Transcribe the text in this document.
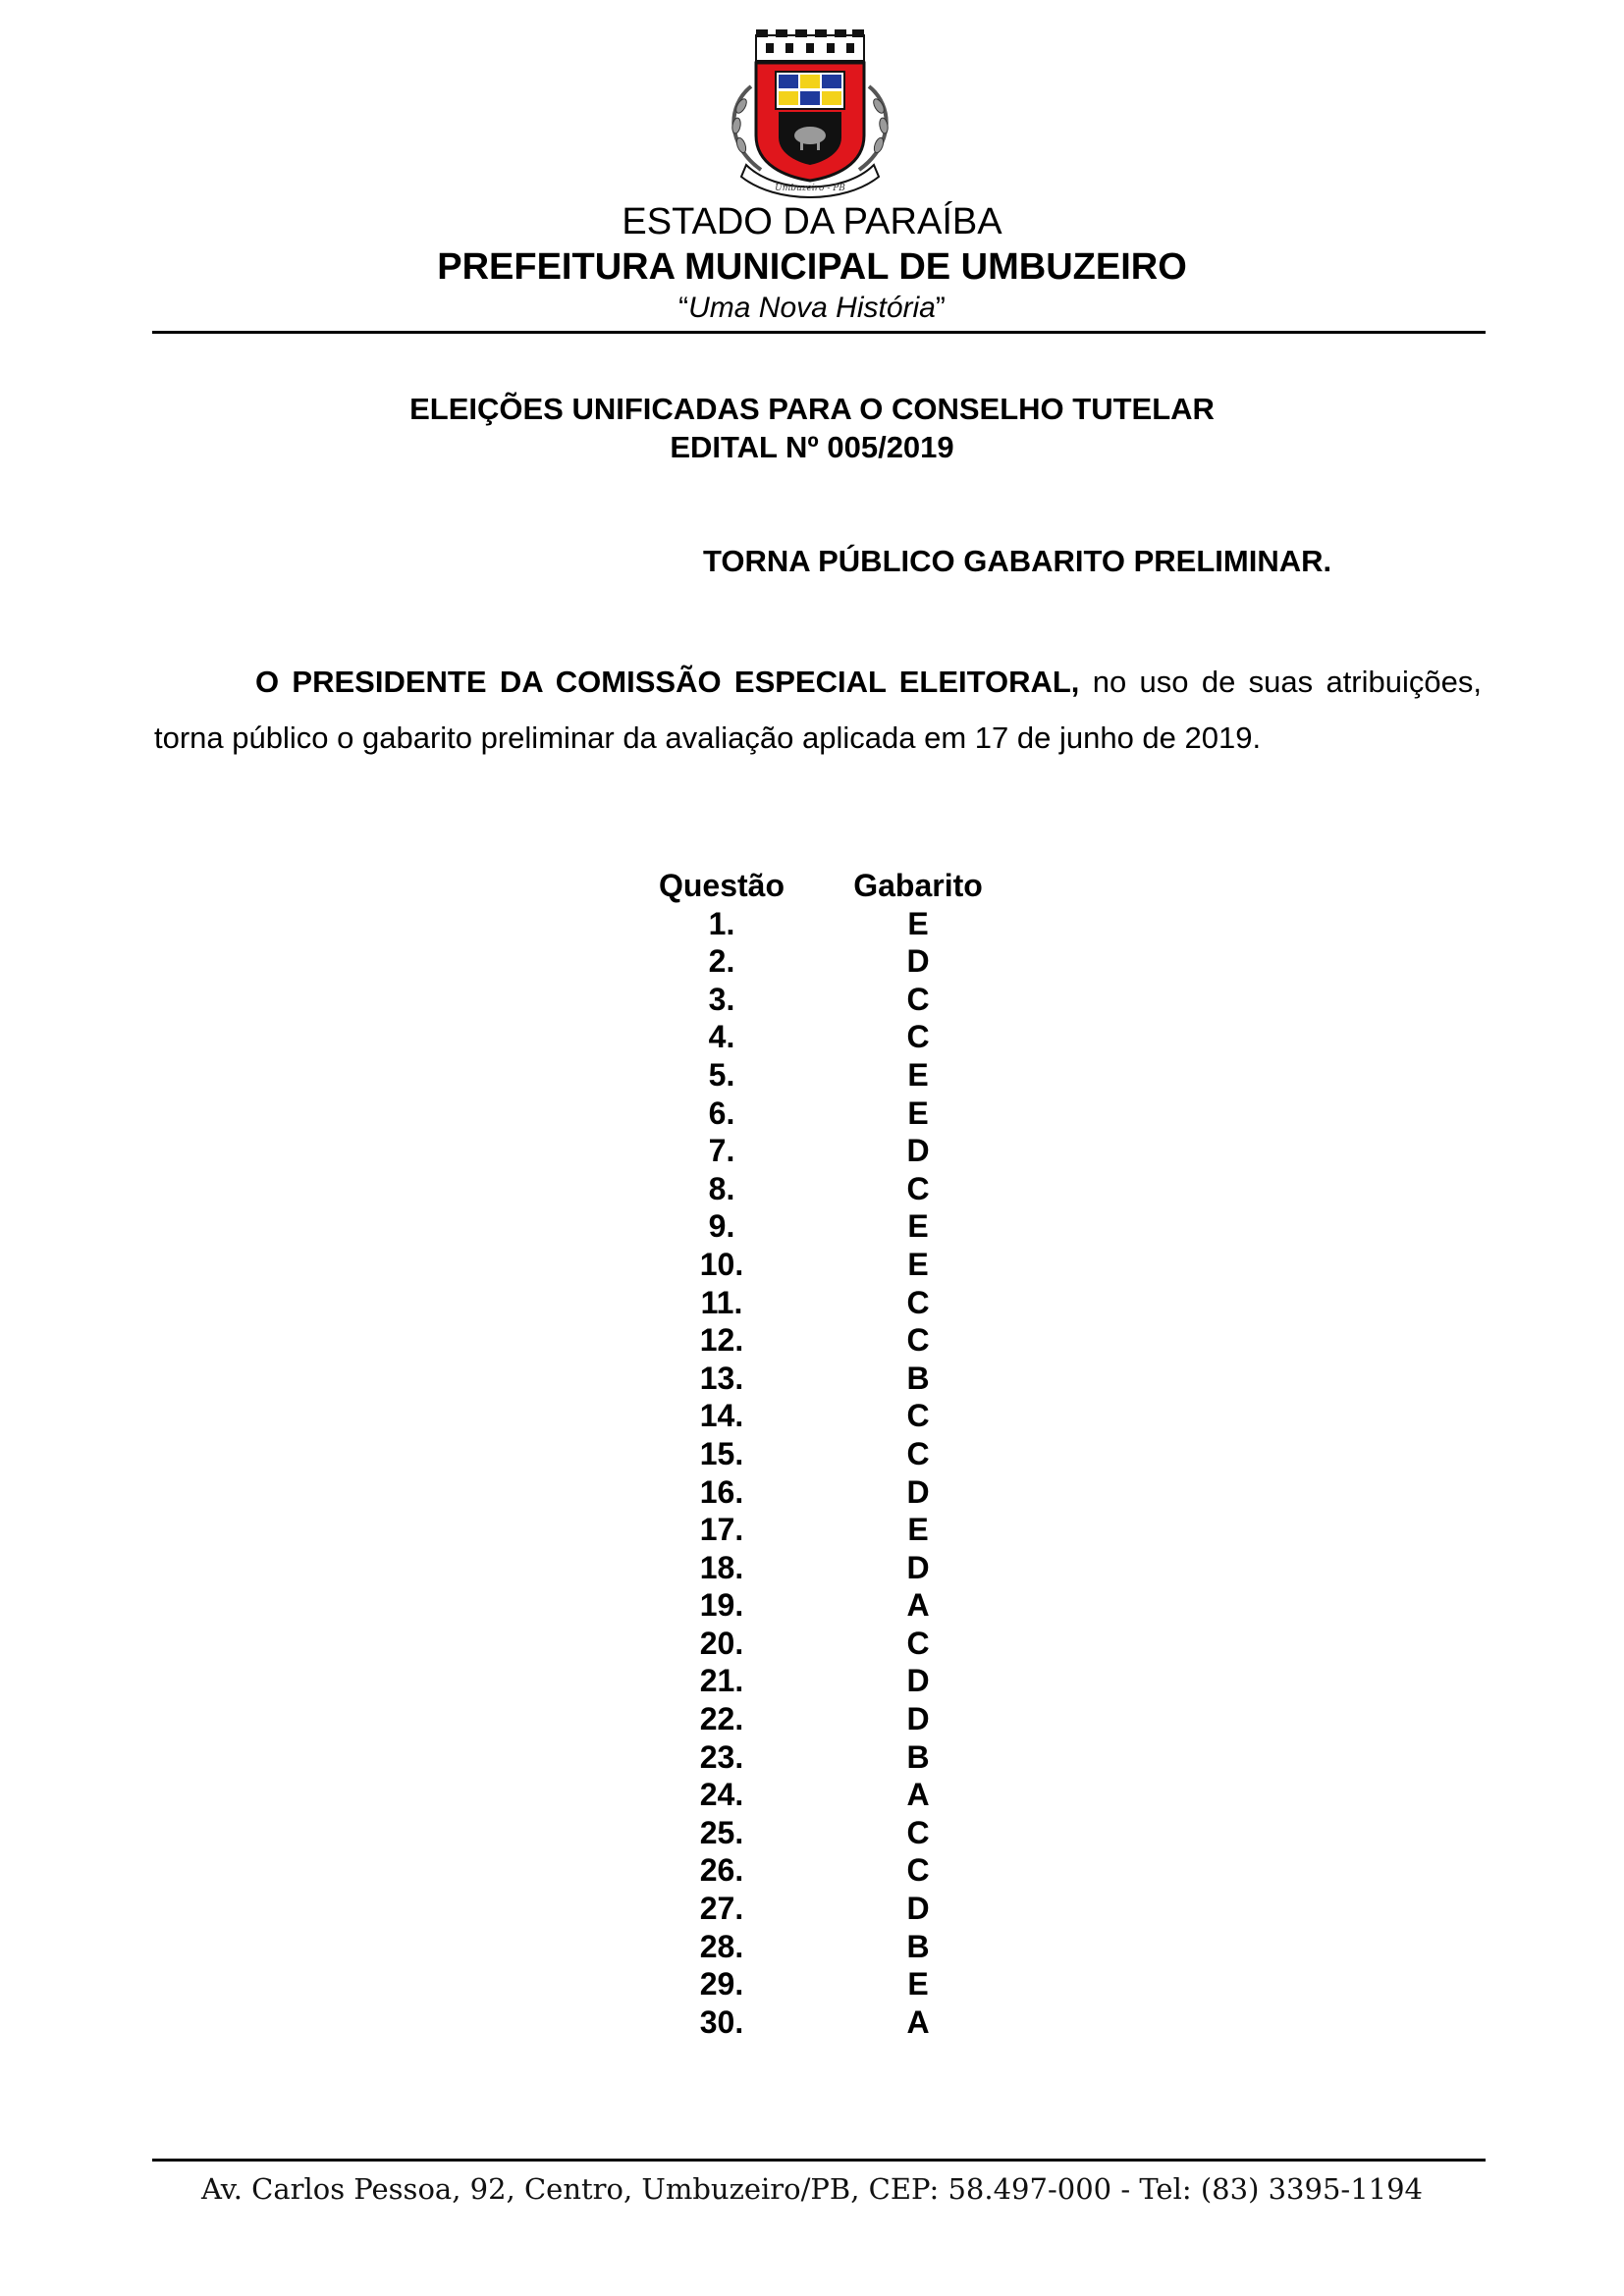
Umbuzeiro - PB
ESTADO DA PARAÍBA
PREFEITURA MUNICIPAL DE UMBUZEIRO
“Uma Nova História”
ELEIÇÕES UNIFICADAS PARA O CONSELHO TUTELAR
EDITAL Nº 005/2019
TORNA PÚBLICO GABARITO PRELIMINAR.

O PRESIDENTE DA COMISSÃO ESPECIAL ELEITORAL, no uso de suas atribuições, torna público o gabarito preliminar da avaliação aplicada em 17 de junho de 2019.

Questão	Gabarito
1.	E
2.	D
3.	C
4.	C
5.	E
6.	E
7.	D
8.	C
9.	E
10.	E
11.	C
12.	C
13.	B
14.	C
15.	C
16.	D
17.	E
18.	D
19.	A
20.	C
21.	D
22.	D
23.	B
24.	A
25.	C
26.	C
27.	D
28.	B
29.	E
30.	A
Av. Carlos Pessoa, 92, Centro, Umbuzeiro/PB, CEP: 58.497-000 - Tel: (83) 3395-1194
